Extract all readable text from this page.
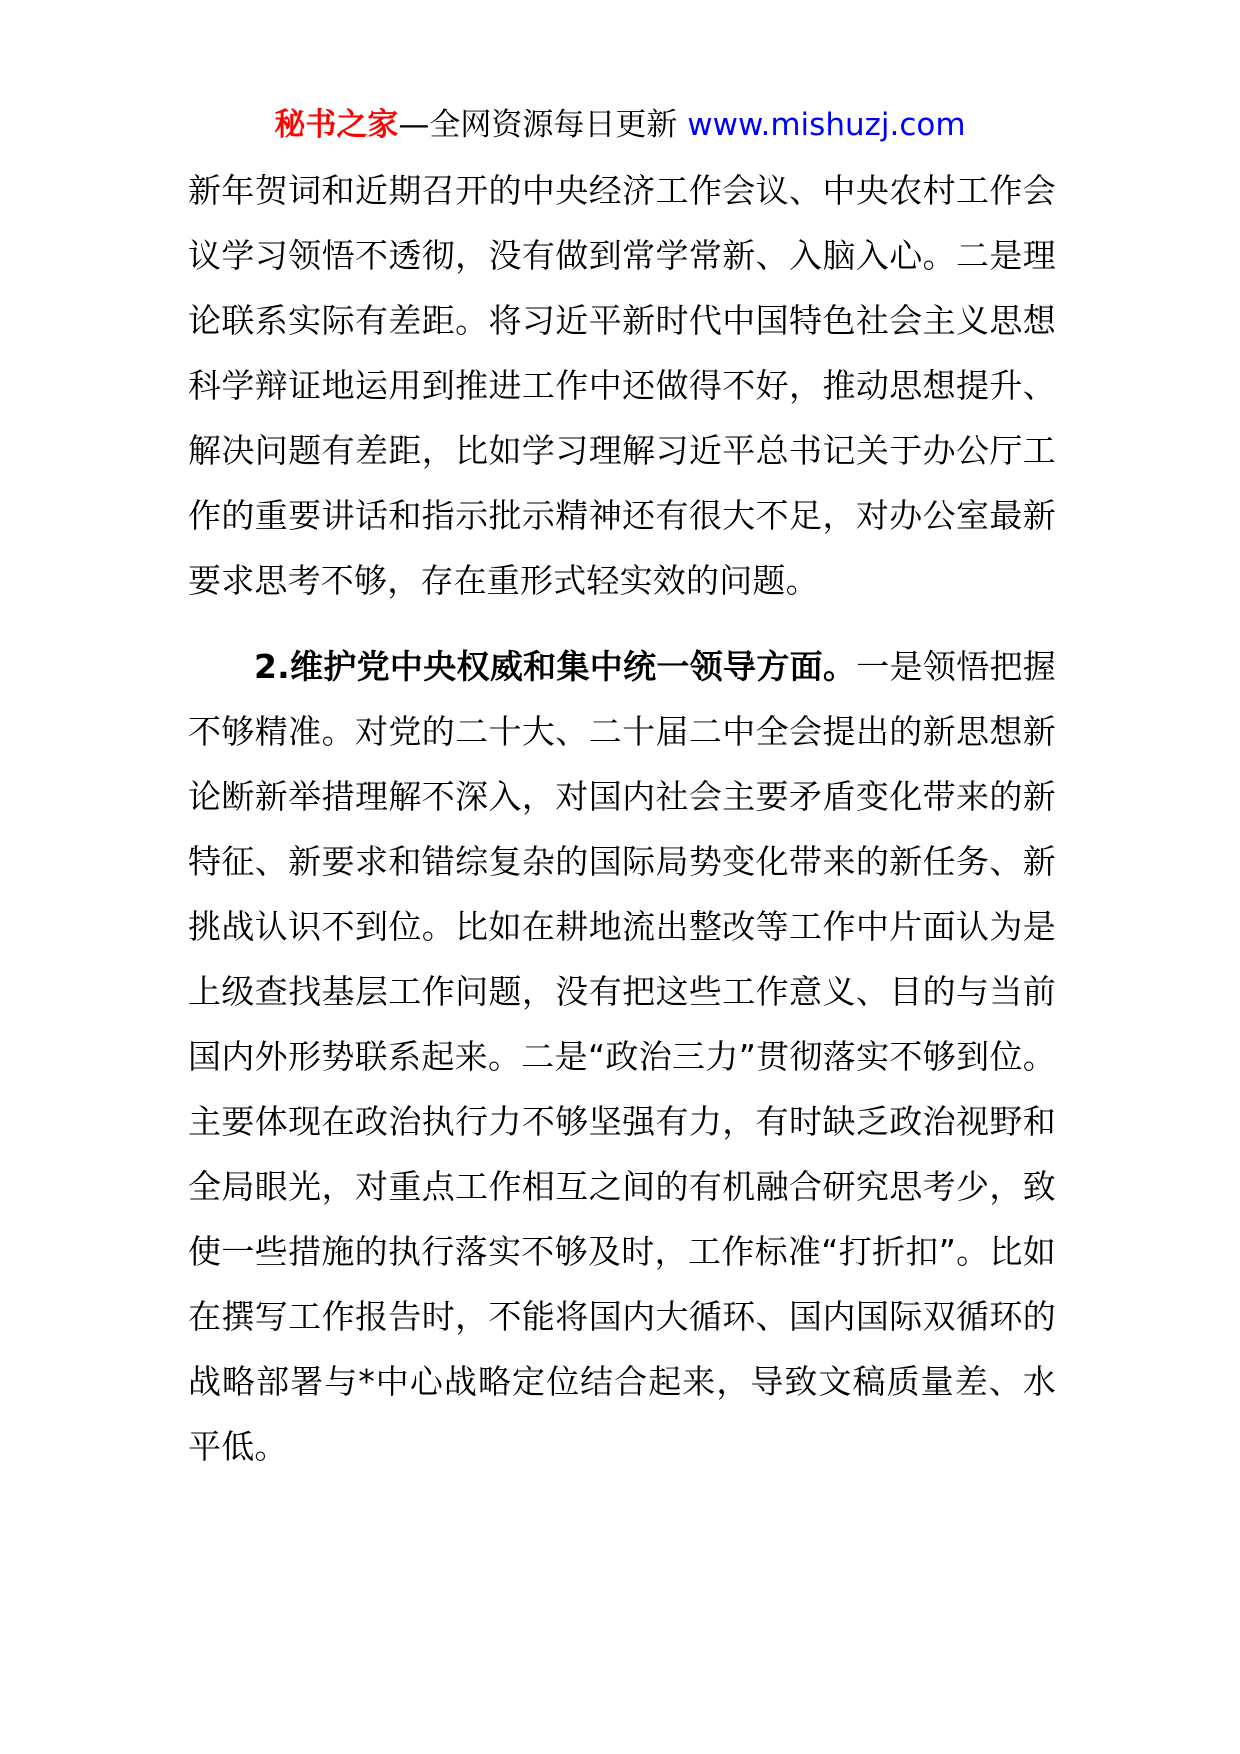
秘书之家—全网资源每日更新 www.mishuzj.com

新年贺词和近期召开的中央经济工作会议、中央农村工作会议学习领悟不透彻，没有做到常学常新、入脑入心。二是理论联系实际有差距。将习近平新时代中国特色社会主义思想科学辩证地运用到推进工作中还做得不好，推动思想提升、解决问题有差距，比如学习理解习近平总书记关于办公厅工作的重要讲话和指示批示精神还有很大不足，对办公室最新要求思考不够，存在重形式轻实效的问题。

2.维护党中央权威和集中统一领导方面。一是领悟把握不够精准。对党的二十大、二十届二中全会提出的新思想新论断新举措理解不深入，对国内社会主要矛盾变化带来的新特征、新要求和错综复杂的国际局势变化带来的新任务、新挑战认识不到位。比如在耕地流出整改等工作中片面认为是上级查找基层工作问题，没有把这些工作意义、目的与当前国内外形势联系起来。二是“政治三力”贯彻落实不够到位。主要体现在政治执行力不够坚强有力，有时缺乏政治视野和全局眼光，对重点工作相互之间的有机融合研究思考少，致使一些措施的执行落实不够及时，工作标准“打折扣”。比如在撰写工作报告时，不能将国内大循环、国内国际双循环的战略部署与*中心战略定位结合起来，导致文稿质量差、水平低。
